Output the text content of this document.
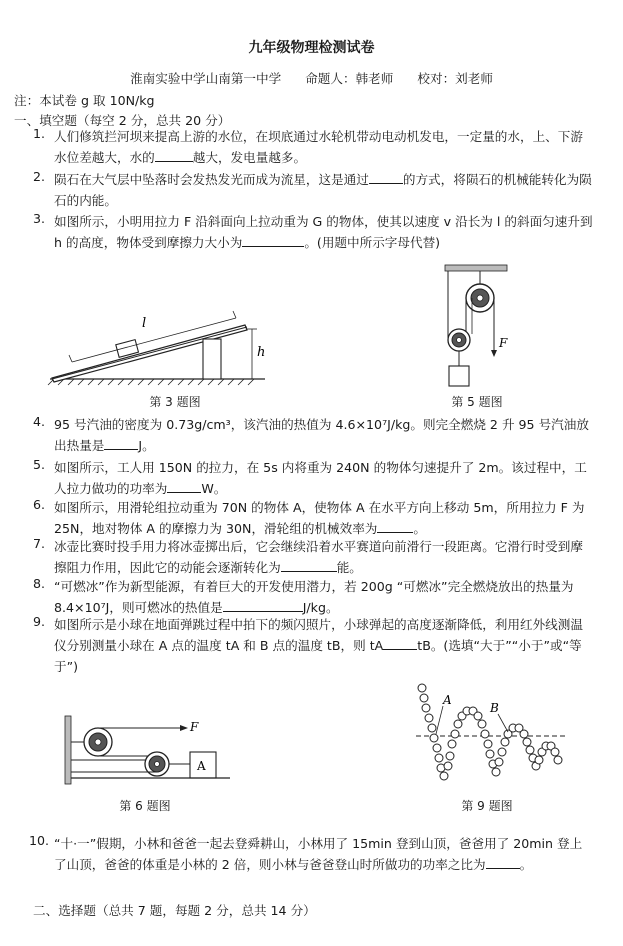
九年级物理检测试卷
淮南实验中学山南第一中学 命题人：韩老师 校对：刘老师
注：本试卷 g 取 10N/kg
一、填空题（每空 2 分，总共 20 分）
1. 人们修筑拦河坝来提高上游的水位，在坝底通过水轮机带动电动机发电，一定量的水，上、下游水位差越大，水的	越大，发电量越多。
2. 陨石在大气层中坠落时会发热发光而成为流星，这是通过	的方式，将陨石的机械能转化为陨石的内能。
3. 如图所示，小明用拉力 F 沿斜面向上拉动重为 G 的物体，使其以速度 v 沿长为 l 的斜面匀速升到 h 的高度，物体受到摩擦力大小为	。(用题中所示字母代替)
l
h
第 3 题图
F
第 5 题图
4. 95 号汽油的密度为 0.73g/cm³，该汽油的热值为 4.6×10⁷J/kg。则完全燃烧 2 升 95 号汽油放出热量是	J。
5. 如图所示，工人用 150N 的拉力，在 5s 内将重为 240N 的物体匀速提升了 2m。该过程中，工人拉力做功的功率为	W。
6. 如图所示，用滑轮组拉动重为 70N 的物体 A，使物体 A 在水平方向上移动 5m，所用拉力 F 为 25N，地对物体 A 的摩擦力为 30N，滑轮组的机械效率为	。
7. 冰壶比赛时投手用力将冰壶掷出后，它会继续沿着水平赛道向前滑行一段距离。它滑行时受到摩擦阻力作用，因此它的动能会逐渐转化为	能。
8. “可燃冰”作为新型能源，有着巨大的开发使用潜力，若 200g “可燃冰”完全燃烧放出的热量为 8.4×10⁷J，则可燃冰的热值是	J/kg。
9. 如图所示是小球在地面弹跳过程中拍下的频闪照片，小球弹起的高度逐渐降低，利用红外线测温仪分别测量小球在 A 点的温度 tA 和 B 点的温度 tB，则 tA	tB。(选填“大于”“小于”或“等于”)
F
A
第 6 题图
A
B
第 9 题图
10. “十·一”假期，小林和爸爸一起去登舜耕山，小林用了 15min 登到山顶，爸爸用了 20min 登上了山顶，爸爸的体重是小林的 2 倍，则小林与爸爸登山时所做功的功率之比为	。
二、选择题（总共 7 题，每题 2 分，总共 14 分）
